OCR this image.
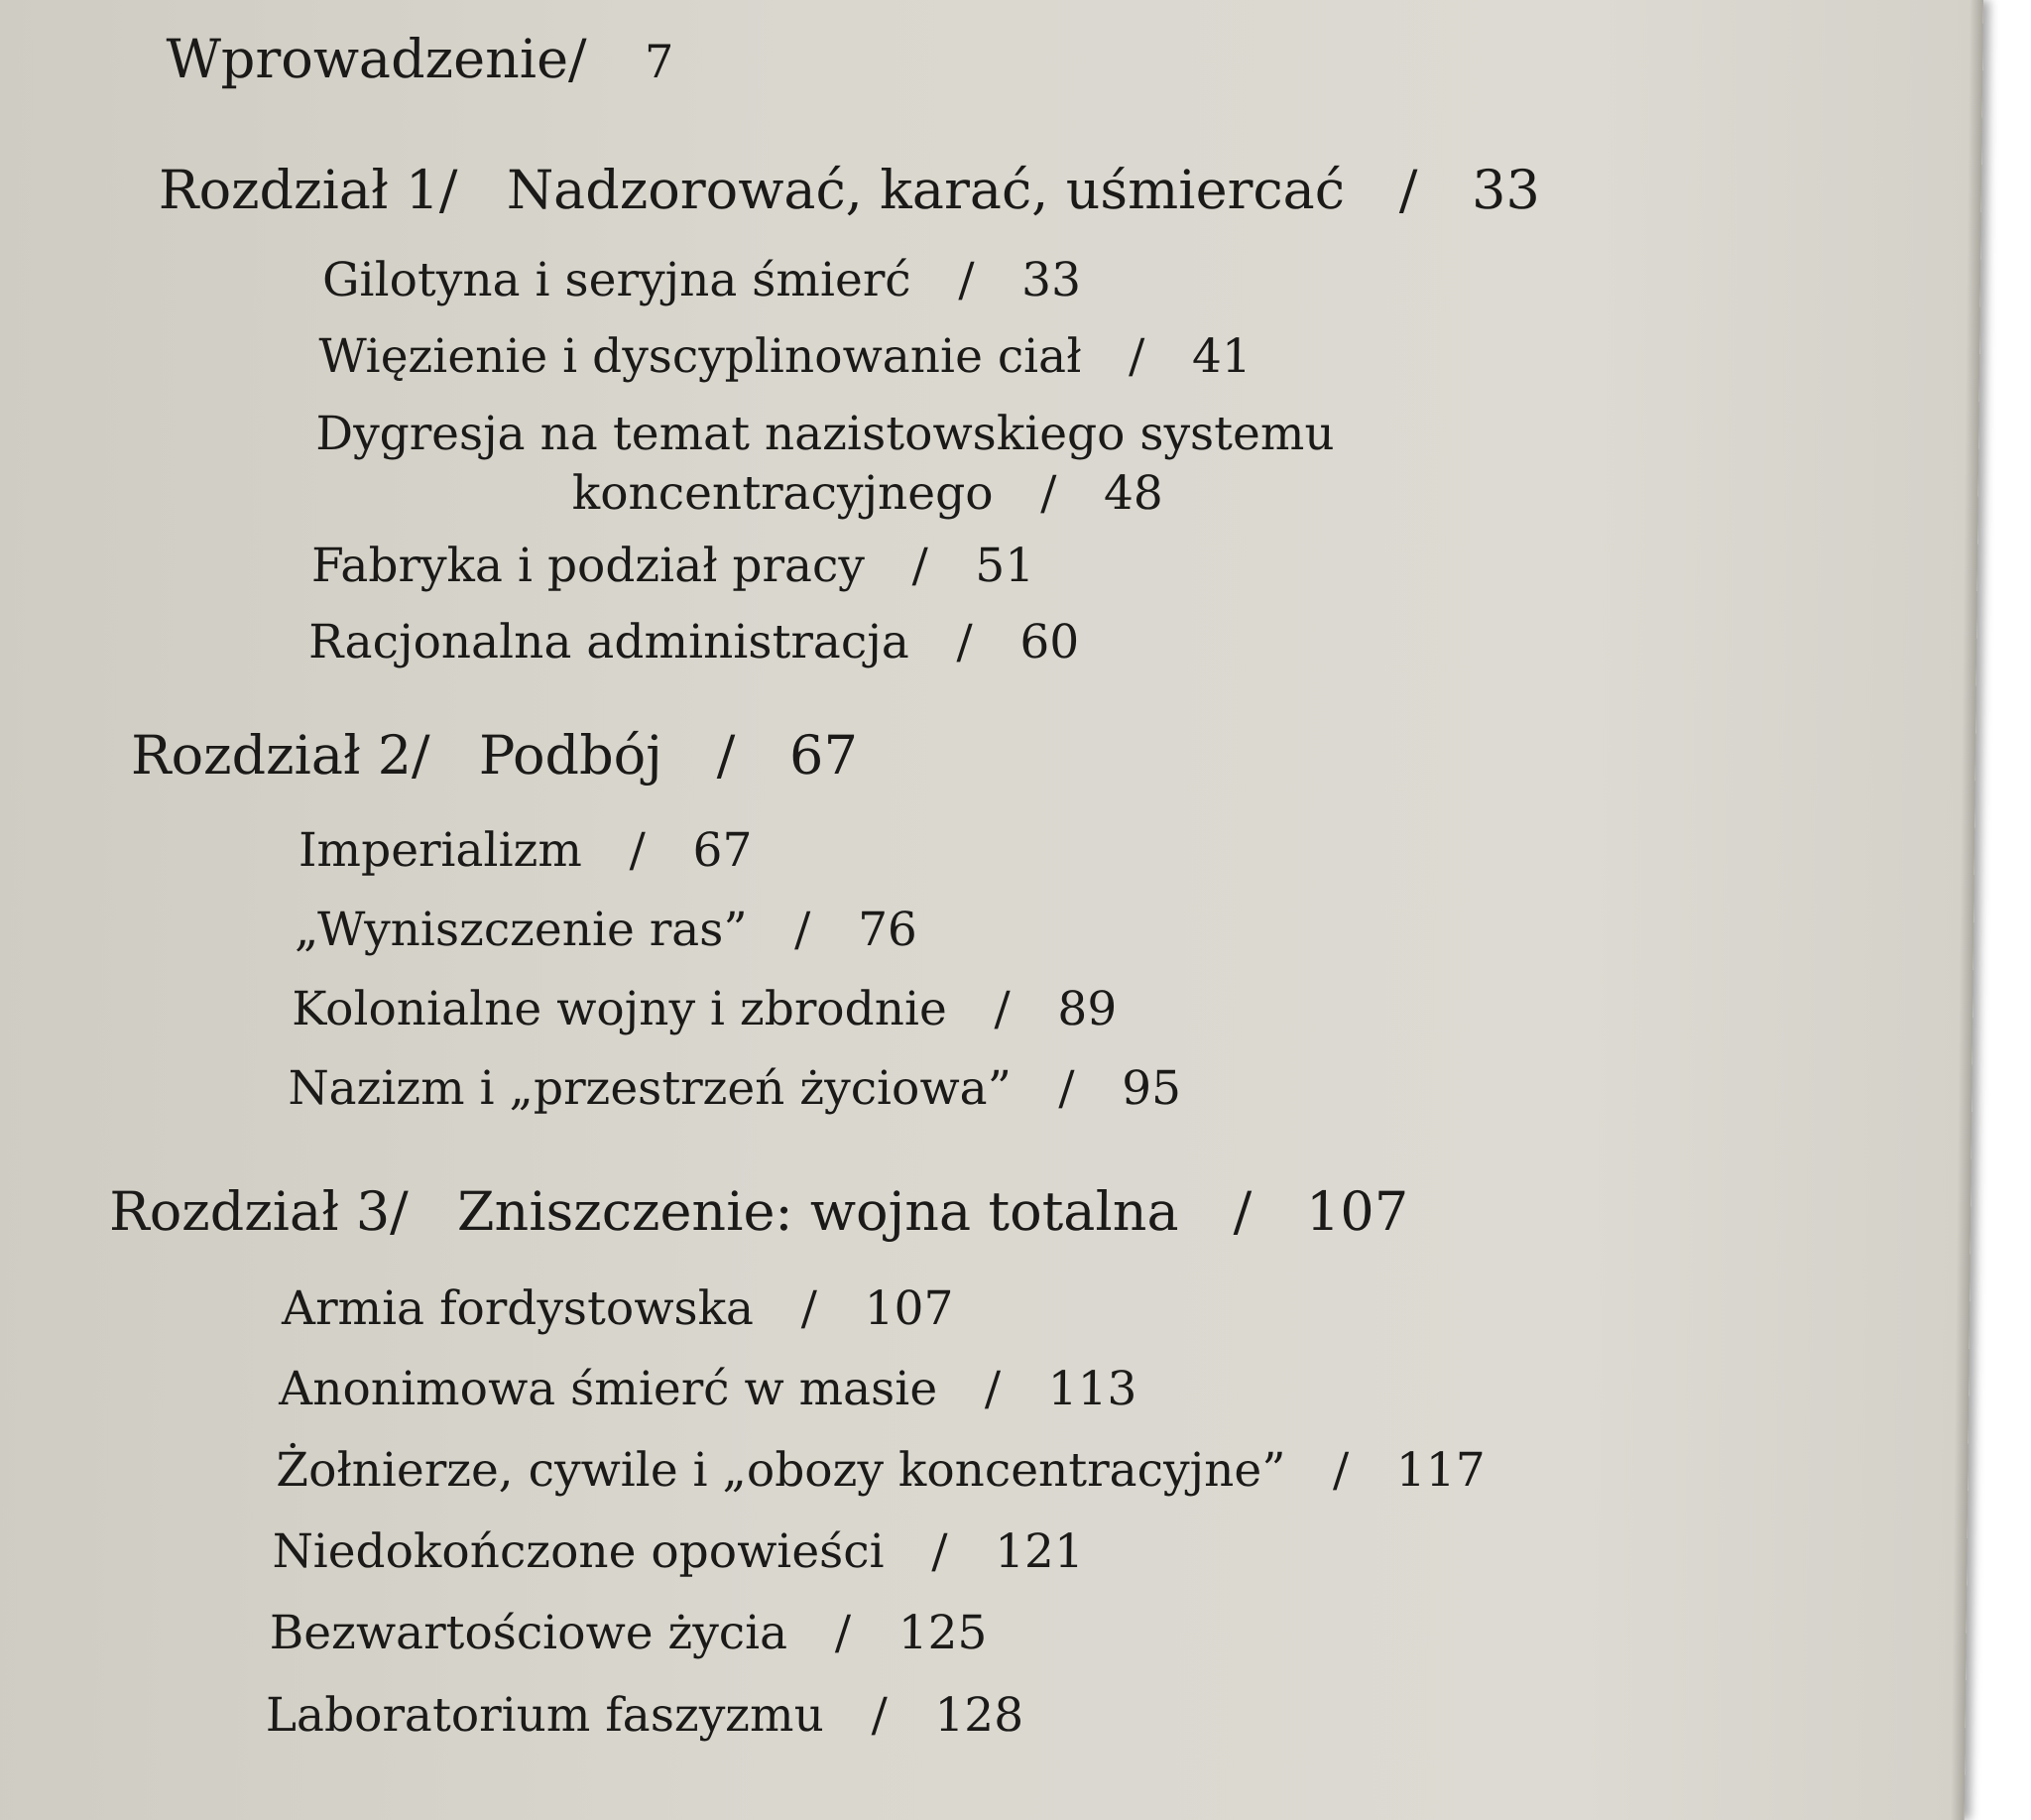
Wprowadzenie/ 7
Rozdział 1/ Nadzorować, karać, uśmiercać / 33
Gilotyna i seryjna śmierć / 33
Więzienie i dyscyplinowanie ciał / 41
Dygresja na temat nazistowskiego systemu
koncentracyjnego / 48
Fabryka i podział pracy / 51
Racjonalna administracja / 60
Rozdział 2/ Podbój / 67
Imperializm / 67
„Wyniszczenie ras” / 76
Kolonialne wojny i zbrodnie / 89
Nazizm i „przestrzeń życiowa” / 95
Rozdział 3/ Zniszczenie: wojna totalna / 107
Armia fordystowska / 107
Anonimowa śmierć w masie / 113
Żołnierze, cywile i „obozy koncentracyjne” / 117
Niedokończone opowieści / 121
Bezwartościowe życia / 125
Laboratorium faszyzmu / 128
